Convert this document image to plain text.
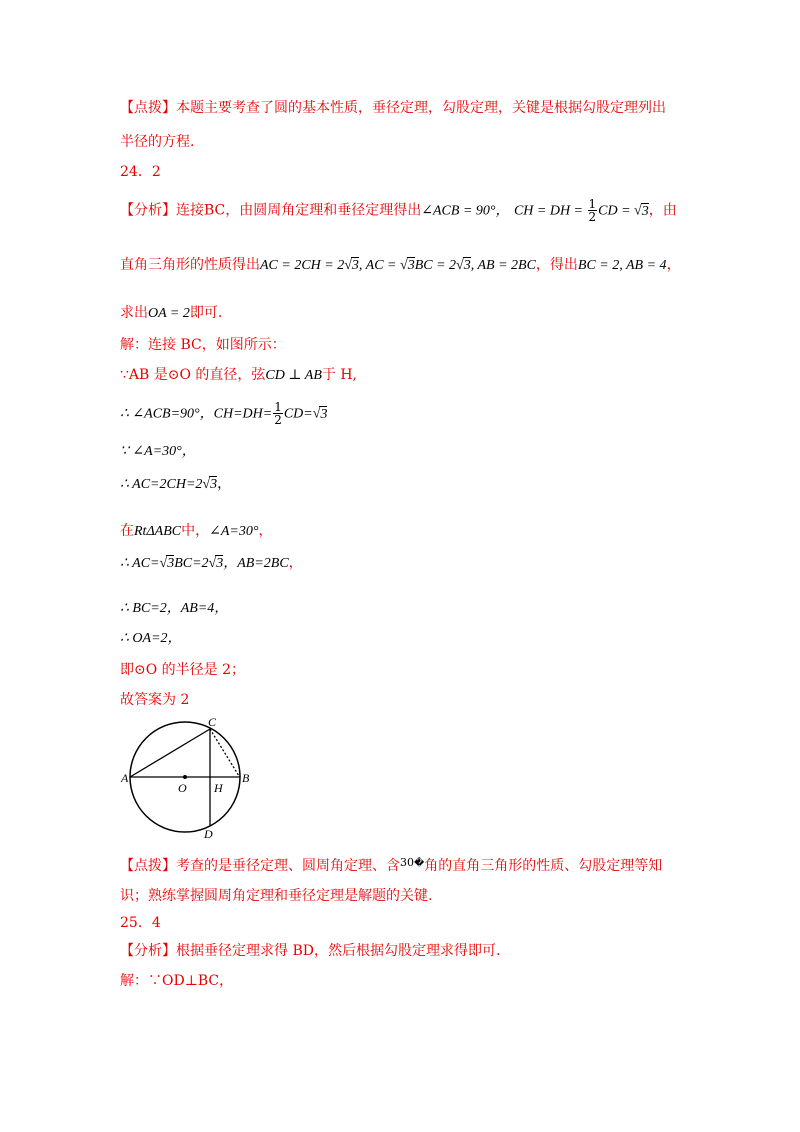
【点拨】本题主要考查了圆的基本性质，垂径定理，勾股定理，关键是根据勾股定理列出
半径的方程.
24．2
【分析】连接BC，由圆周角定理和垂径定理得出∠ACB = 90°， CH = DH = $\frac{1}{2}$ CD = √3，由
直角三角形的性质得出AC = 2CH = 2√3, AC = √3BC = 2√3, AB = 2BC，得出BC = 2, AB = 4，
求出OA = 2即可.
解：连接 BC，如图所示：
∵AB 是⊙O 的直径，弦CD ⊥ AB于 H,
∴ ∠ACB=90°，$CH=DH= \frac{1}{2} CD=√3$
∵ ∠A=30°，
∴ AC=2CH=2√3，
在RtΔABC中，∠A=30°，
∴ AC=√3BC=2√3，AB=2BC，
∴ BC=2，AB=4，
∴ OA=2，
即⊙O 的半径是 2；
故答案为 2
A	B
C
D
O H
【点拨】考查的是垂径定理、圆周角定理、含$^{30�}$角的直角三角形的性质、勾股定理等知
识；熟练掌握圆周角定理和垂径定理是解题的关键.
25．4
【分析】根据垂径定理求得 BD，然后根据勾股定理求得即可.
解：∵OD⊥BC，
